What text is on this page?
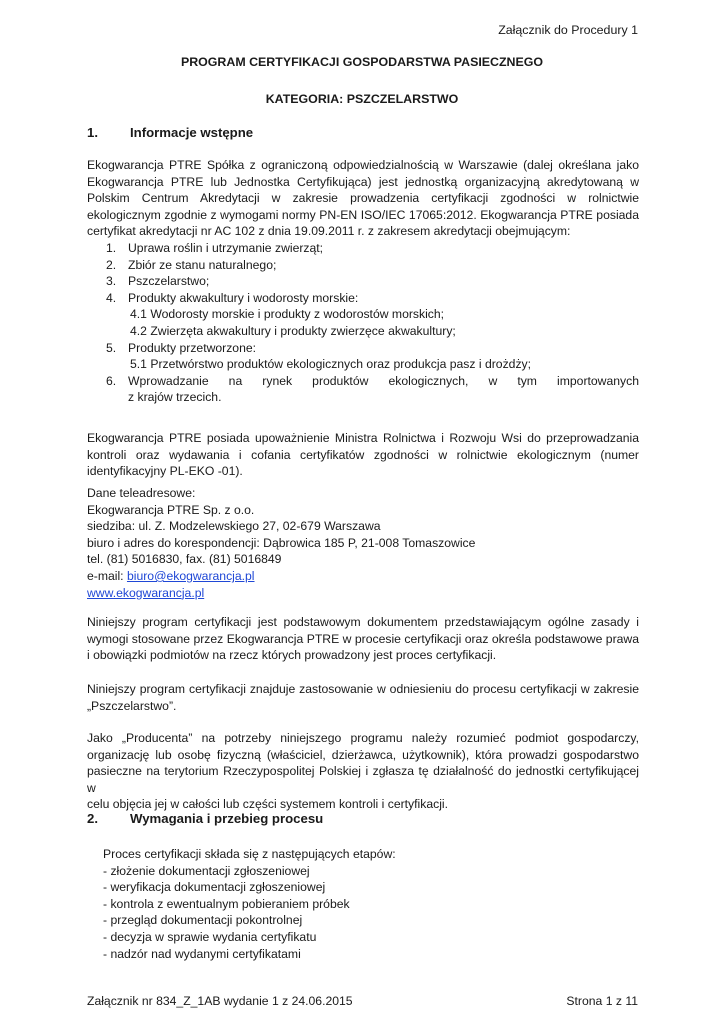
Załącznik do Procedury 1
PROGRAM CERTYFIKACJI GOSPODARSTWA PASIECZNEGO
KATEGORIA: PSZCZELARSTWO
1. Informacje wstępne
Ekogwarancja PTRE Spółka z ograniczoną odpowiedzialnością w Warszawie (dalej określana jako
Ekogwarancja PTRE lub Jednostka Certyfikująca) jest jednostką organizacyjną akredytowaną w
Polskim Centrum Akredytacji w zakresie prowadzenia certyfikacji zgodności w rolnictwie
ekologicznym zgodnie z wymogami normy PN-EN ISO/IEC 17065:2012. Ekogwarancja PTRE posiada
certyfikat akredytacji nr AC 102 z dnia 19.09.2011 r. z zakresem akredytacji obejmującym:
1. Uprawa roślin i utrzymanie zwierząt;
2. Zbiór ze stanu naturalnego;
3. Pszczelarstwo;
4. Produkty akwakultury i wodorosty morskie:
4.1 Wodorosty morskie i produkty z wodorostów morskich;
4.2 Zwierzęta akwakultury i produkty zwierzęce akwakultury;
5. Produkty przetworzone:
5.1 Przetwórstwo produktów ekologicznych oraz produkcja pasz i drożdży;
6. Wprowadzanie na rynek produktów ekologicznych, w tym importowanych
z krajów trzecich.
Ekogwarancja PTRE posiada upoważnienie Ministra Rolnictwa i Rozwoju Wsi do przeprowadzania
kontroli oraz wydawania i cofania certyfikatów zgodności w rolnictwie ekologicznym (numer
identyfikacyjny PL-EKO -01).
Dane teleadresowe:
Ekogwarancja PTRE Sp. z o.o.
siedziba: ul. Z. Modzelewskiego 27, 02-679 Warszawa
biuro i adres do korespondencji: Dąbrowica 185 P, 21-008 Tomaszowice
tel. (81) 5016830, fax. (81) 5016849
e-mail: biuro@ekogwarancja.pl
www.ekogwarancja.pl
Niniejszy program certyfikacji jest podstawowym dokumentem przedstawiającym ogólne zasady i
wymogi stosowane przez Ekogwarancja PTRE w procesie certyfikacji oraz określa podstawowe prawa
i obowiązki podmiotów na rzecz których prowadzony jest proces certyfikacji.
Niniejszy program certyfikacji znajduje zastosowanie w odniesieniu do procesu certyfikacji w zakresie
„Pszczelarstwo”.
Jako „Producenta” na potrzeby niniejszego programu należy rozumieć podmiot gospodarczy,
organizację lub osobę fizyczną (właściciel, dzierżawca, użytkownik), która prowadzi gospodarstwo
pasieczne na terytorium Rzeczypospolitej Polskiej i zgłasza tę działalność do jednostki certyfikującej w
celu objęcia jej w całości lub części systemem kontroli i certyfikacji.
2. Wymagania i przebieg procesu
Proces certyfikacji składa się z następujących etapów:
- złożenie dokumentacji zgłoszeniowej
- weryfikacja dokumentacji zgłoszeniowej
- kontrola z ewentualnym pobieraniem próbek
- przegląd dokumentacji pokontrolnej
- decyzja w sprawie wydania certyfikatu
- nadzór nad wydanymi certyfikatami
Załącznik nr 834_Z_1AB wydanie 1 z 24.06.2015	Strona 1 z 11
